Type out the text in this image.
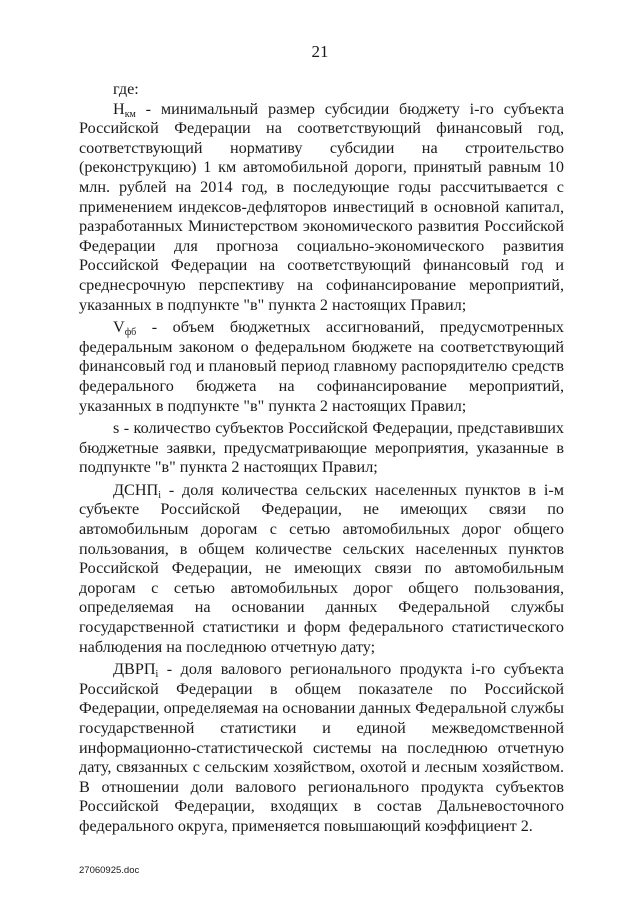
21

где:

$Н_{км}$ - минимальный размер субсидии бюджету i-го субъекта Российской Федерации на соответствующий финансовый год, соответствующий нормативу субсидии на строительство (реконструкцию) 1 км автомобильной дороги, принятый равным 10 млн. рублей на 2014 год, в последующие годы рассчитывается с применением индексов-дефляторов инвестиций в основной капитал, разработанных Министерством экономического развития Российской Федерации для прогноза социально-экономического развития Российской Федерации на соответствующий финансовый год и среднесрочную перспективу на софинансирование мероприятий, указанных в подпункте "в" пункта 2 настоящих Правил;

$V_{фб}$ - объем бюджетных ассигнований, предусмотренных федеральным законом о федеральном бюджете на соответствующий финансовый год и плановый период главному распорядителю средств федерального бюджета на софинансирование мероприятий, указанных в подпункте "в" пункта 2 настоящих Правил;

s - количество субъектов Российской Федерации, представивших бюджетные заявки, предусматривающие мероприятия, указанные в подпункте "в" пункта 2 настоящих Правил;

$ДСНП_i$ - доля количества сельских населенных пунктов в i-м субъекте Российской Федерации, не имеющих связи по автомобильным дорогам с сетью автомобильных дорог общего пользования, в общем количестве сельских населенных пунктов Российской Федерации, не имеющих связи по автомобильным дорогам с сетью автомобильных дорог общего пользования, определяемая на основании данных Федеральной службы государственной статистики и форм федерального статистического наблюдения на последнюю отчетную дату;

$ДВРП_i$ - доля валового регионального продукта i-го субъекта Российской Федерации в общем показателе по Российской Федерации, определяемая на основании данных Федеральной службы государственной статистики и единой межведомственной информационно-статистической системы на последнюю отчетную дату, связанных с сельским хозяйством, охотой и лесным хозяйством. В отношении доли валового регионального продукта субъектов Российской Федерации, входящих в состав Дальневосточного федерального округа, применяется повышающий коэффициент 2.

27060925.doc
